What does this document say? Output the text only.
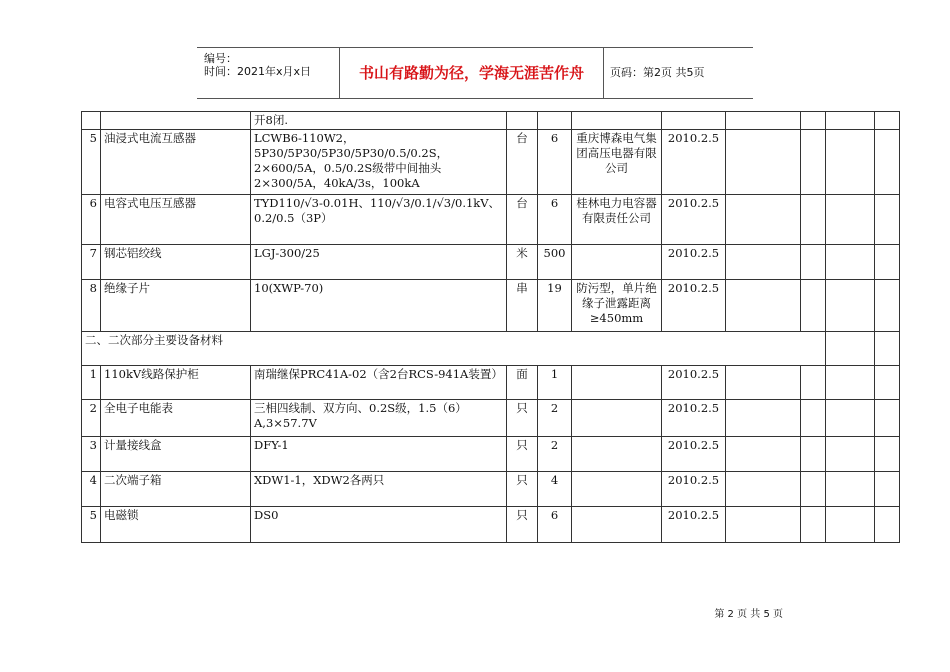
编号：
时间：2021年x月x日	书山有路勤为径，学海无涯苦作舟	页码：第2页 共5页
		开8闭.								
5	油浸式电流互感器	LCWB6-110W2，5P30/5P30/5P30/5P30/0.5/0.2S，2×600/5A，0.5/0.2S级带中间抽头2×300/5A，40kA/3s，100kA	台	6	重庆博森电气集团高压电器有限公司	2010.2.5				
6	电容式电压互感器	TYD110/√3-0.01H、110/√3/0.1/√3/0.1kV、0.2/0.5（3P）	台	6	桂林电力电容器有限责任公司	2010.2.5				
7	钢芯铝绞线	LGJ-300/25	米	500		2010.2.5				
8	绝缘子片	10(XWP-70)	串	19	防污型，单片绝缘子泄露距离≥450mm	2010.2.5				
二、二次部分主要设备材料										
1	110kV线路保护柜	南瑞继保PRC41A-02（含2台RCS-941A装置）	面	1		2010.2.5				
2	全电子电能表	三相四线制、双方向、0.2S级，1.5（6）A,3×57.7V	只	2		2010.2.5				
3	计量接线盒	DFY-1	只	2		2010.2.5				
4	二次端子箱	XDW1-1，XDW2各两只	只	4		2010.2.5				
5	电磁锁	DS0	只	6		2010.2.5				
第 2 页 共 5 页
